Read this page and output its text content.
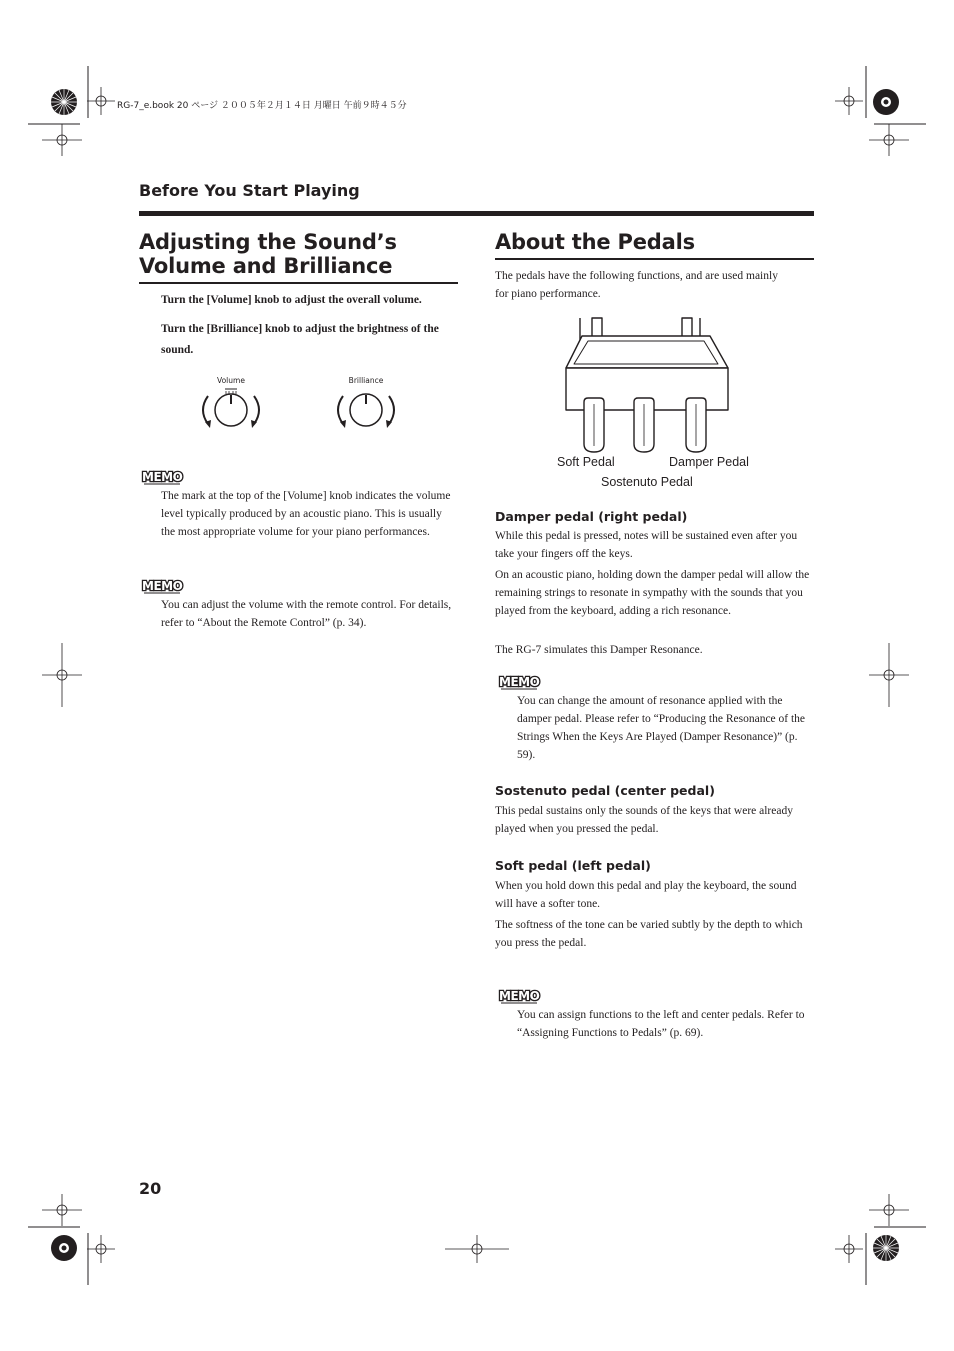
RG-7_e.book 20 ページ ２００５年２月１４日 月曜日 午前９時４５分
Before You Start Playing
Adjusting the Sound’s
Volume and Brilliance
Turn the [Volume] knob to adjust the overall volume.
Turn the [Brilliance] knob to adjust the brightness of the sound.
Volume	Brilliance
MEMO
The mark at the top of the [Volume] knob indicates the volume level typically produced by an acoustic piano. This is usually the most appropriate volume for your piano performances.
MEMO
You can adjust the volume with the remote control. For details, refer to “About the Remote Control” (p. 34).
About the Pedals
The pedals have the following functions, and are used mainly for piano performance.
Soft Pedal	Damper Pedal
Sostenuto Pedal
Damper pedal (right pedal)
While this pedal is pressed, notes will be sustained even after you take your fingers off the keys.
On an acoustic piano, holding down the damper pedal will allow the remaining strings to resonate in sympathy with the sounds that you played from the keyboard, adding a rich resonance.
The RG-7 simulates this Damper Resonance.
MEMO
You can change the amount of resonance applied with the damper pedal. Please refer to “Producing the Resonance of the Strings When the Keys Are Played (Damper Resonance)” (p. 59).
Sostenuto pedal (center pedal)
This pedal sustains only the sounds of the keys that were already played when you pressed the pedal.
Soft pedal (left pedal)
When you hold down this pedal and play the keyboard, the sound will have a softer tone.
The softness of the tone can be varied subtly by the depth to which you press the pedal.
MEMO
You can assign functions to the left and center pedals. Refer to “Assigning Functions to Pedals” (p. 69).
20
